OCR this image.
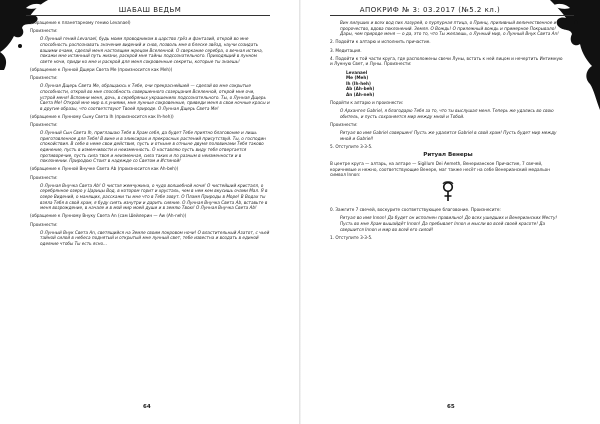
ШАБАШ ВЕДЬМ

(обращение к планетарному гению Levanael)

Произнести:

О Лунный гений Levanael, будь моим проводником в царство грёз и фантазий, открой во мне способность распознавать значение видений и снов, позволь мне в блеске звёзд, научи созидать вашими очами, сделай меня настоящим жрецом Вселенной. О сверкание серебра, о вечная истина, покажи мне истинный путь жизни, раскрой мне тайны подсознательного. Приходящий в лунном свете ночи, приди ко мне и раскрой для меня сокровенные секреты, которые ты знаешь!

(обращение к Лунной Дщери Света Me (произносится как Meh))

Произнести:

О Лунная Дщерь Света Me, обращаюсь к Тебе, очи прекраснейшей — сделай во мне сокрытые способности, открой во мне способность совершенного созерцания Вселенной, открой мне очи, устрой меня! Вспомни меня, дочь, в серебряных украшениях подсознательного. Ты, о Лунная Дщерь Света Me! Открой мне мир о.л.униями, мне лунные сокровенные, приведи меня в свои ночные красы и в другие образы, что соответствуют Твоей природе. О Лунная Дщерь Света Me!

(обращение к Лунному Сыну Света Ih (произносится как Ih-heh))

Произнести:

О Лунный Сын Света Ih, приглашаю Тебя в Храм себя, да будет Тебе приятно благовоние и лишь приготовленное для Тебя! В вине и в эликсирах и прекрасных растений присутствуй. Ты, о господин спокойствия. В себе в неме свои действия, пусть и отныне в отныне двумя половинами Тебя таково единение, пусть в изменчивости и неизменность. О наставляю пусть виду тебя отвергается противоречие, пусть сила твоя и неизменная, сила таких и по разным в неизменности и в поклонении. Природою Стоит в надежде со Светом и Истиной!

(обращение к Лунной Внучке Света Ab (произносится как Ah-beh))

Произнести:

О Лунная Внучка Света Ab! О чистая жемчужина, о чудо волшебной ночи! О чистейший кристалл, о серебрянное озеро у Царицы Вод, в котором горит и хрусталь, чем в нем кем вкусишь очами Мал. Я в озере Видений, о манящих, расскажи ты мне что в Тебе зовут. О Пламя Природы в Море! В Водах ты взяла Тебя в свой храм, я буду сиять изнутри и дарить сияние. О Лунная Внучка Света Ab, вставьте в меня возрождение, в начале и в мой мир моей души и в землю Твою! О Лунная Внучка Света Ab!

(обращение к Лунному Внуку Света An (сам Шейлерин — Aw (Ah-neh))

Произнести:

О Лунный Внук Света An, светящийся на Земле своим покровом ночи! О властительный Азатот, с чьей тайной силой в небеса поднятый и открытый мне лунный свет, тебе известна и воздать в единой одеяние чтобы Ты есть ясно...

64
АПОКРИФ № 3: 03.2017 (№5.2 кл.)

Вин лилуших и всех вод пих лазурей, о пурпурная птица, о Принц, приливный величественное и пророчество, вдова поклонений. Земля. О Вождь! О прилежный вождь и примерное Покрывало! Дары, чем природе меня — о да, это то, что Ты желаешь, о Лунный мир, о Лунный Внук Света An!

2. Подойти к алтарю и исполнить причастие.

3. Медитация.

4. Подойти к той части круга, где расположены свечи Луны, встать к ней лицом и нечертить Интимную и Лунную Свет, и Луны. Произнести:

Levanael
Me (Meh)
Ih (Ih-heh)
Ab (Ah-beh)
An (Ah-neh)

Подойти к алтарю и произнести:

О Архангел Gabriel, я благодарю Тебя за то, что ты выслушал меня. Теперь же удались во свою обитель, и пусть сохраняется мир между мной и Тобой.

Произнести:

Ритуал во имя Gabriel совершен! Пусть же удалится Gabriel в свой храм! Пусть будет мир между мной и Gabriel!

5. Отступите 3-3-5.

Ритуал Венеры

В центре круга — алтарь, на алтаре — Sigillum Dei Aemeth, Венерианское Причастие, 7 свечей, коричневые и нежно, соответствующие Венере, маг также несёт на себе Венерианский медальон символ Innon:

0. Зажгите 7 свечей, воскурите соответствующее благовоние. Произнесите:

Ритуал во имя Innon! Да будет он исполнен правильно! До всех ушедших и Венерианских Месту! Пусть во мне Храм вышайдёт Innon! Да пребывает Innon и мысли во всей своей красоте! Да свершится Innon и мир во всей его силой!

1. Отступите 3-3-5.

65
